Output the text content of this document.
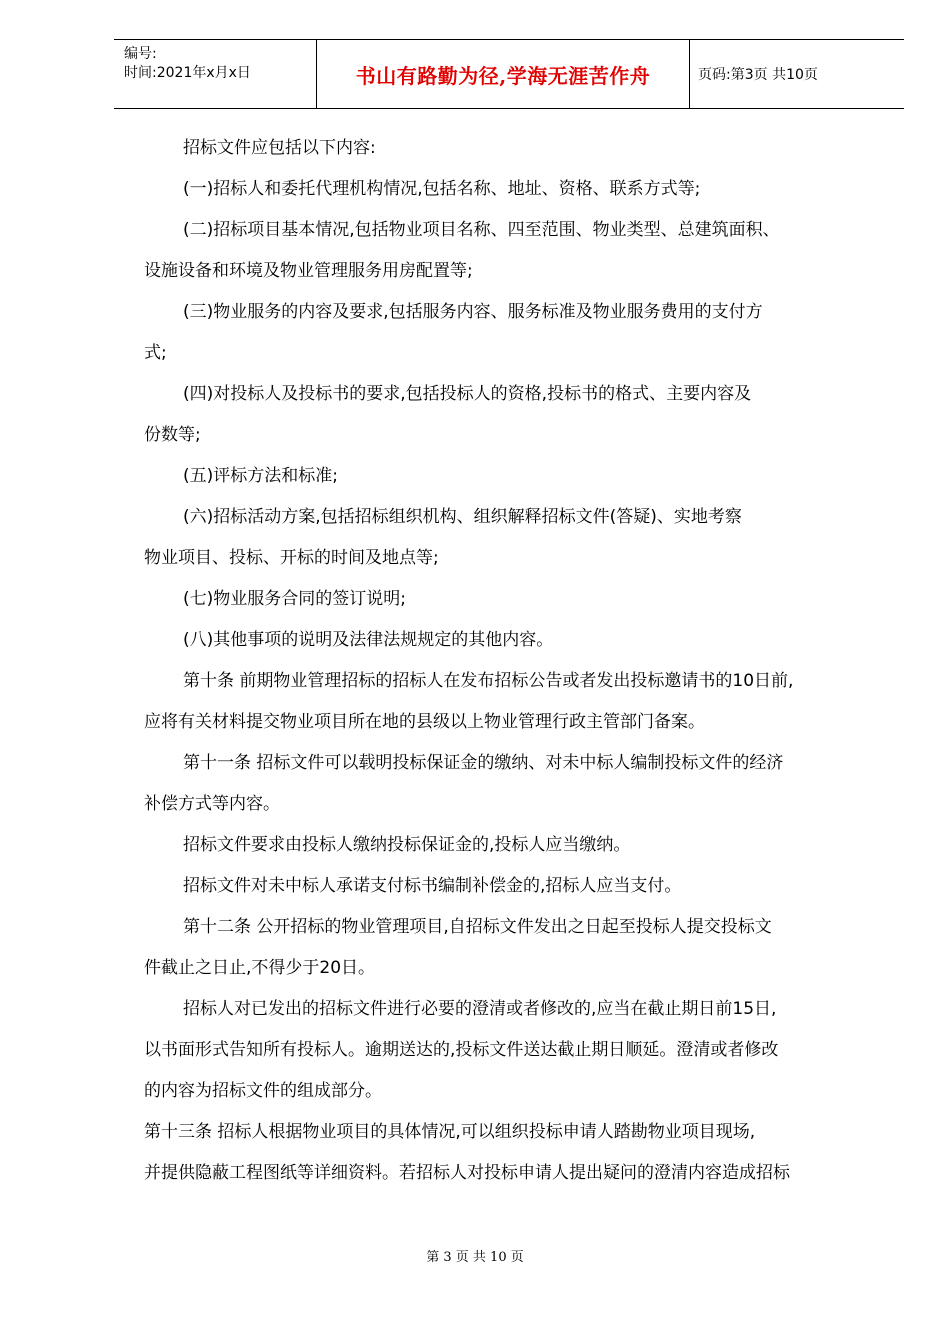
编号:
时间:2021年x月x日	书山有路勤为径,学海无涯苦作舟	页码:第3页 共10页
招标文件应包括以下内容:
(一)招标人和委托代理机构情况,包括名称、地址、资格、联系方式等;
(二)招标项目基本情况,包括物业项目名称、四至范围、物业类型、总建筑面积、
设施设备和环境及物业管理服务用房配置等;
(三)物业服务的内容及要求,包括服务内容、服务标准及物业服务费用的支付方
式;
(四)对投标人及投标书的要求,包括投标人的资格,投标书的格式、主要内容及
份数等;
(五)评标方法和标准;
(六)招标活动方案,包括招标组织机构、组织解释招标文件(答疑)、实地考察
物业项目、投标、开标的时间及地点等;
(七)物业服务合同的签订说明;
(八)其他事项的说明及法律法规规定的其他内容。
第十条 前期物业管理招标的招标人在发布招标公告或者发出投标邀请书的10日前,
应将有关材料提交物业项目所在地的县级以上物业管理行政主管部门备案。
第十一条 招标文件可以载明投标保证金的缴纳、对未中标人编制投标文件的经济
补偿方式等内容。
招标文件要求由投标人缴纳投标保证金的,投标人应当缴纳。
招标文件对未中标人承诺支付标书编制补偿金的,招标人应当支付。
第十二条 公开招标的物业管理项目,自招标文件发出之日起至投标人提交投标文
件截止之日止,不得少于20日。
招标人对已发出的招标文件进行必要的澄清或者修改的,应当在截止期日前15日,
以书面形式告知所有投标人。逾期送达的,投标文件送达截止期日顺延。澄清或者修改
的内容为招标文件的组成部分。
第十三条 招标人根据物业项目的具体情况,可以组织投标申请人踏勘物业项目现场,
并提供隐蔽工程图纸等详细资料。若招标人对投标申请人提出疑问的澄清内容造成招标
第 3 页 共 10 页
